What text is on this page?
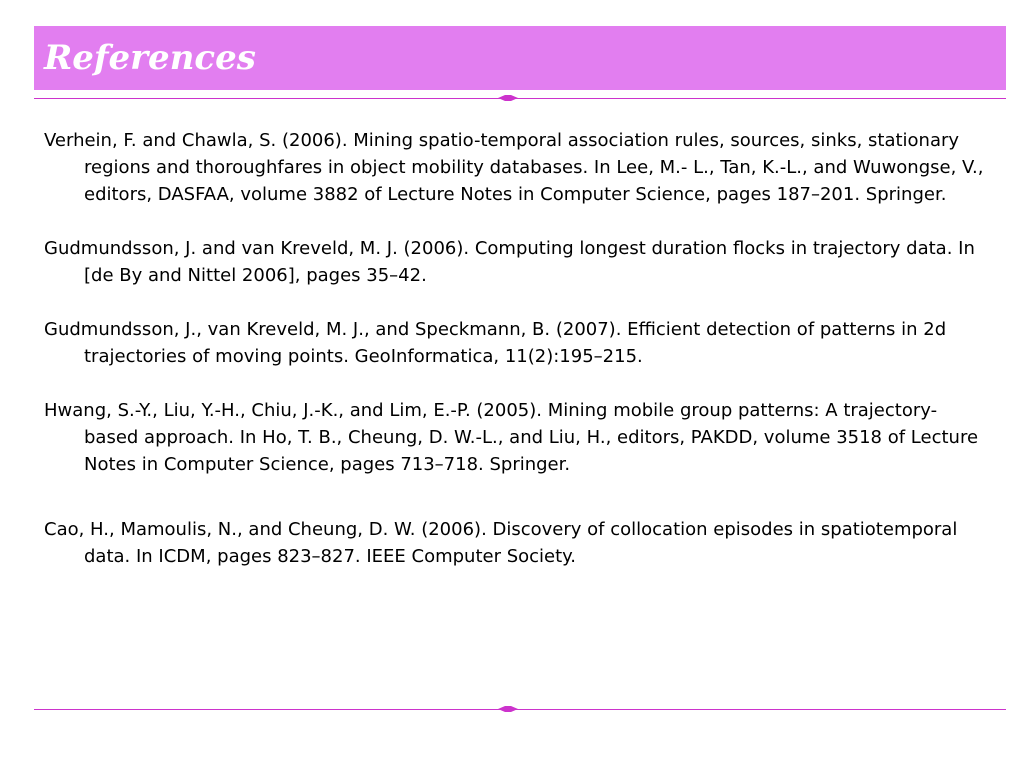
References
Verhein, F. and Chawla, S. (2006). Mining spatio-temporal association rules, sources, sinks, stationary regions and thoroughfares in object mobility databases. In Lee, M.- L., Tan, K.-L., and Wuwongse, V., editors, DASFAA, volume 3882 of Lecture Notes in Computer Science, pages 187–201. Springer.
Gudmundsson, J. and van Kreveld, M. J. (2006). Computing longest duration flocks in trajectory data. In [de By and Nittel 2006], pages 35–42.
Gudmundsson, J., van Kreveld, M. J., and Speckmann, B. (2007). Efficient detection of patterns in 2d trajectories of moving points. GeoInformatica, 11(2):195–215.
Hwang, S.-Y., Liu, Y.-H., Chiu, J.-K., and Lim, E.-P. (2005). Mining mobile group patterns: A trajectory-based approach. In Ho, T. B., Cheung, D. W.-L., and Liu, H., editors, PAKDD, volume 3518 of Lecture Notes in Computer Science, pages 713–718. Springer.
Cao, H., Mamoulis, N., and Cheung, D. W. (2006). Discovery of collocation episodes in spatiotemporal data. In ICDM, pages 823–827. IEEE Computer Society.
